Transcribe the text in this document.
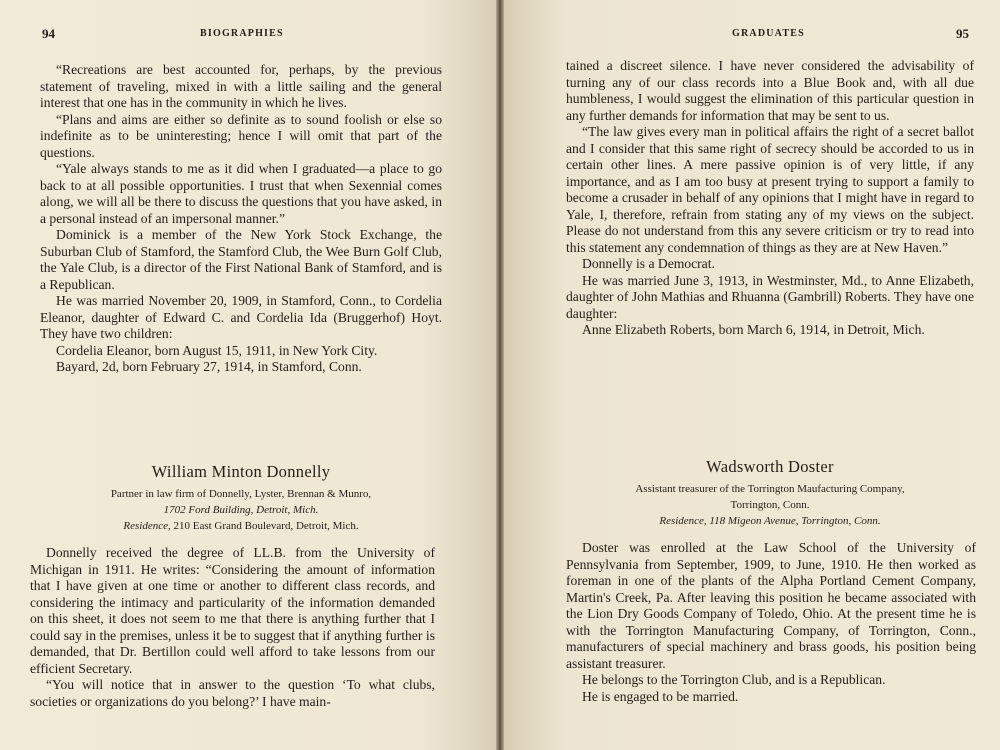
94	BIOGRAPHIES

“Recreations are best accounted for, perhaps, by the previous statement of traveling, mixed in with a little sailing and the general interest that one has in the community in which he lives.

“Plans and aims are either so definite as to sound foolish or else so indefinite as to be uninteresting; hence I will omit that part of the questions.

“Yale always stands to me as it did when I graduated—a place to go back to at all possible opportunities. I trust that when Sexennial comes along, we will all be there to discuss the questions that you have asked, in a personal instead of an impersonal manner.”

Dominick is a member of the New York Stock Exchange, the Suburban Club of Stamford, the Stamford Club, the Wee Burn Golf Club, the Yale Club, is a director of the First National Bank of Stamford, and is a Republican.

He was married November 20, 1909, in Stamford, Conn., to Cordelia Eleanor, daughter of Edward C. and Cordelia Ida (Bruggerhof) Hoyt. They have two children:

Cordelia Eleanor, born August 15, 1911, in New York City.

Bayard, 2d, born February 27, 1914, in Stamford, Conn.

William Minton Donnelly
Partner in law firm of Donnelly, Lyster, Brennan & Munro,
1702 Ford Building, Detroit, Mich.
Residence, 210 East Grand Boulevard, Detroit, Mich.

Donnelly received the degree of LL.B. from the University of Michigan in 1911. He writes: “Considering the amount of information that I have given at one time or another to different class records, and considering the intimacy and particularity of the information demanded on this sheet, it does not seem to me that there is anything further that I could say in the premises, unless it be to suggest that if anything further is demanded, that Dr. Bertillon could well afford to take lessons from our efficient Secretary.

“You will notice that in answer to the question ‘To what clubs, societies or organizations do you belong?’ I have main-

GRADUATES	95

tained a discreet silence. I have never considered the advisability of turning any of our class records into a Blue Book and, with all due humbleness, I would suggest the elimination of this particular question in any further demands for information that may be sent to us.

“The law gives every man in political affairs the right of a secret ballot and I consider that this same right of secrecy should be accorded to us in certain other lines. A mere passive opinion is of very little, if any importance, and as I am too busy at present trying to support a family to become a crusader in behalf of any opinions that I might have in regard to Yale, I, therefore, refrain from stating any of my views on the subject. Please do not understand from this any severe criticism or try to read into this statement any condemnation of things as they are at New Haven.”

Donnelly is a Democrat.

He was married June 3, 1913, in Westminster, Md., to Anne Elizabeth, daughter of John Mathias and Rhuanna (Gambrill) Roberts. They have one daughter:

Anne Elizabeth Roberts, born March 6, 1914, in Detroit, Mich.

Wadsworth Doster
Assistant treasurer of the Torrington Maufacturing Company,
Torrington, Conn.
Residence, 118 Migeon Avenue, Torrington, Conn.

Doster was enrolled at the Law School of the University of Pennsylvania from September, 1909, to June, 1910. He then worked as foreman in one of the plants of the Alpha Portland Cement Company, Martin's Creek, Pa. After leaving this position he became associated with the Lion Dry Goods Company of Toledo, Ohio. At the present time he is with the Torrington Manufacturing Company, of Torrington, Conn., manufacturers of special machinery and brass goods, his position being assistant treasurer.

He belongs to the Torrington Club, and is a Republican.

He is engaged to be married.
